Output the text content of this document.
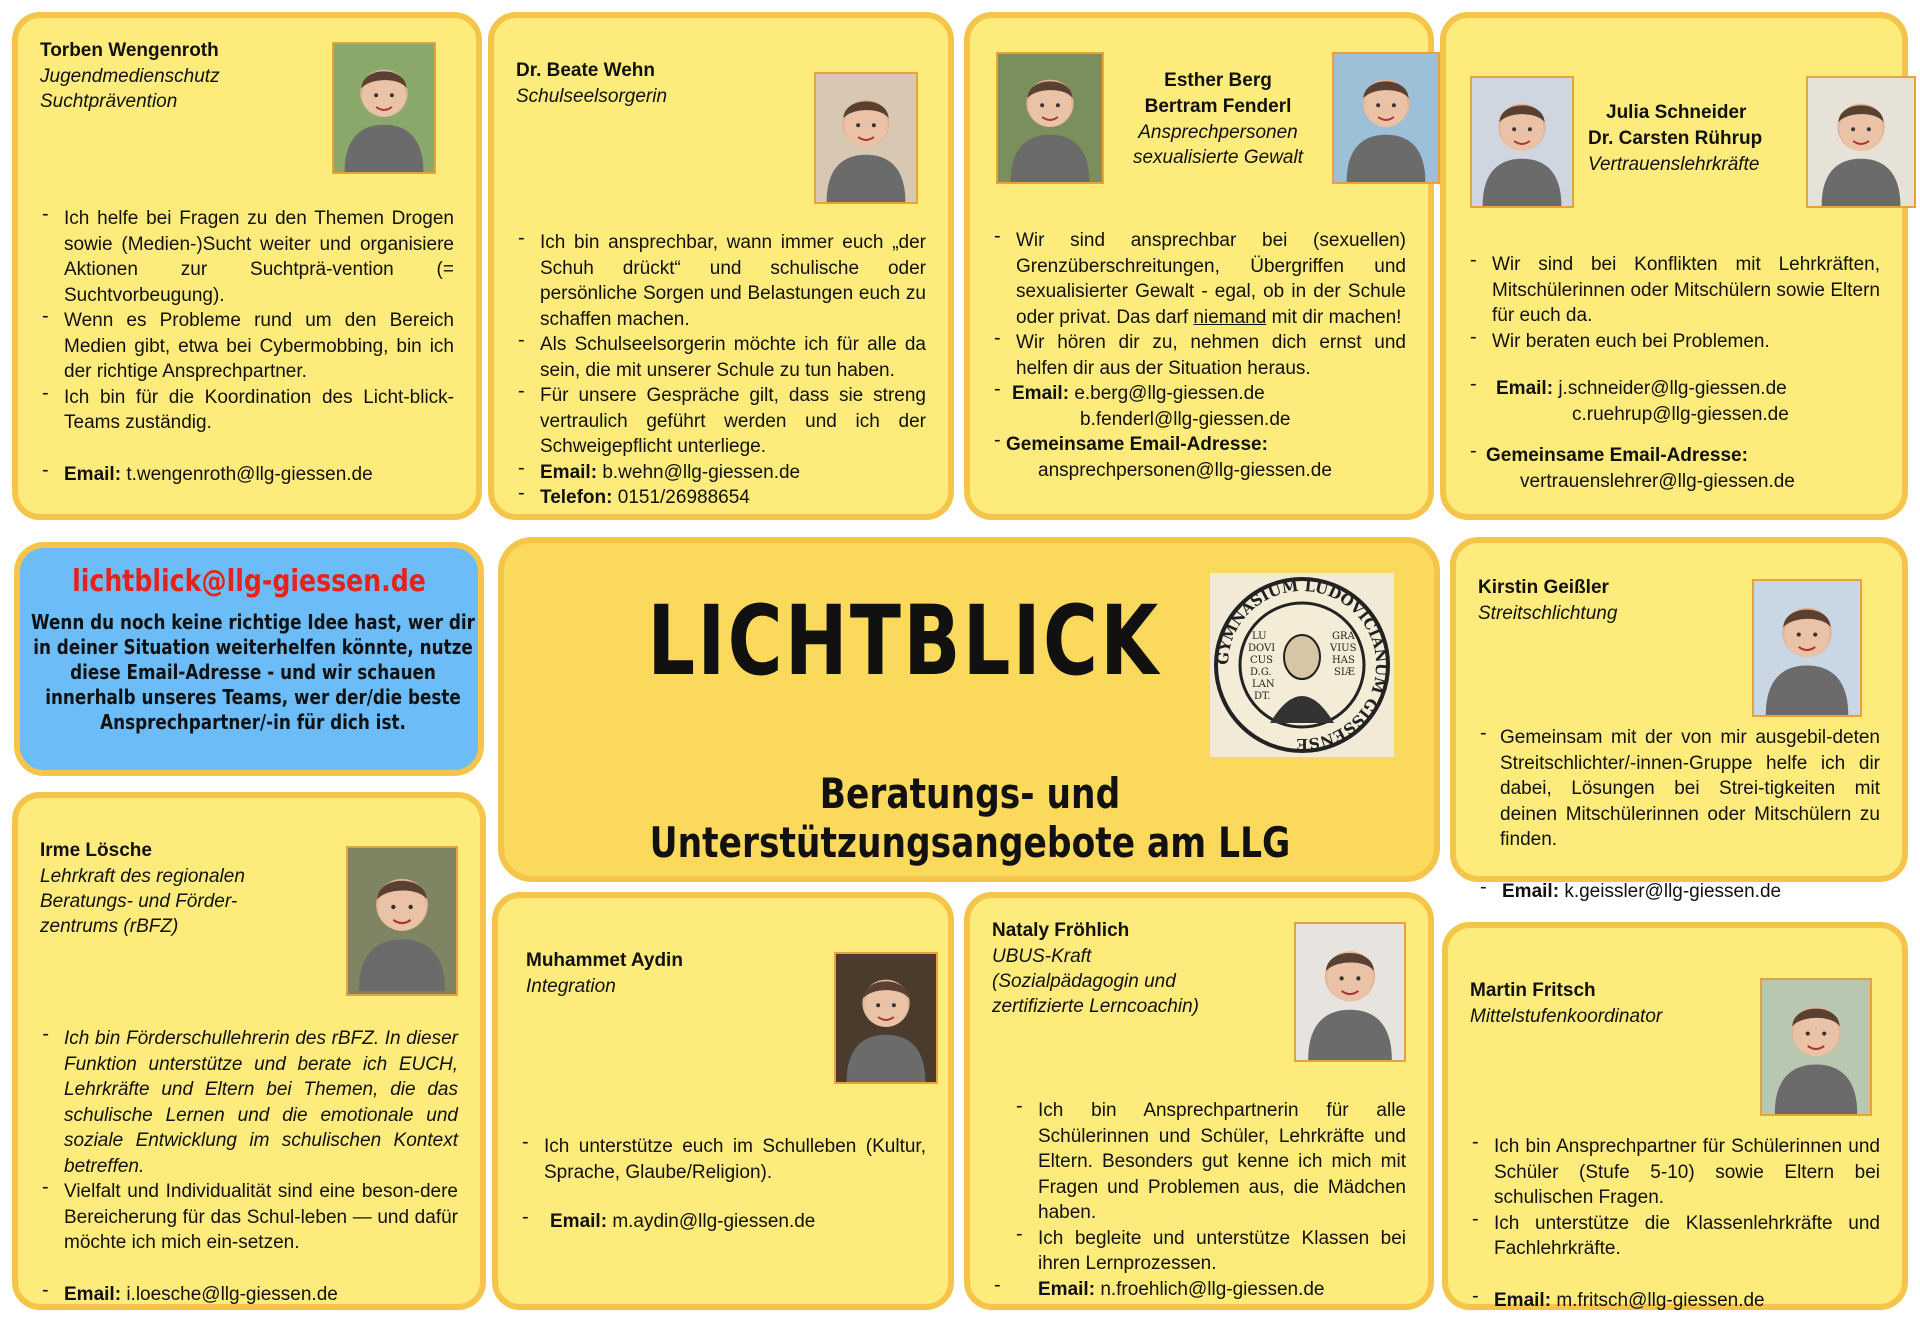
Torben Wengenroth
Jugendmedienschutz
Suchtprävention
- Ich helfe bei Fragen zu den Themen Drogen sowie (Medien-)Sucht weiter und organisiere Aktionen zur Suchtprä-vention (= Suchtvorbeugung).
- Wenn es Probleme rund um den Bereich Medien gibt, etwa bei Cybermobbing, bin ich der richtige Ansprechpartner.
- Ich bin für die Koordination des Licht-blick-Teams zuständig.
- Email: t.wengenroth@llg-giessen.de
Dr. Beate Wehn
Schulseelsorgerin
- Ich bin ansprechbar, wann immer euch „der Schuh drückt“ und schulische oder persönliche Sorgen und Belastungen euch zu schaffen machen.
- Als Schulseelsorgerin möchte ich für alle da sein, die mit unserer Schule zu tun haben.
- Für unsere Gespräche gilt, dass sie streng vertraulich geführt werden und ich der Schweigepflicht unterliege.
- Email: b.wehn@llg-giessen.de
- Telefon: 0151/26988654
Esther Berg
Bertram Fenderl
Ansprechpersonen
sexualisierte Gewalt
- Wir sind ansprechbar bei (sexuellen) Grenzüberschreitungen, Übergriffen und sexualisierter Gewalt - egal, ob in der Schule oder privat. Das darf niemand mit dir machen!
- Wir hören dir zu, nehmen dich ernst und helfen dir aus der Situation heraus.
- Email: e.berg@llg-giessen.de
b.fenderl@llg-giessen.de
- Gemeinsame Email-Adresse:
ansprechpersonen@llg-giessen.de
Julia Schneider
Dr. Carsten Rührup
Vertrauenslehrkräfte
- Wir sind bei Konflikten mit Lehrkräften, Mitschülerinnen oder Mitschülern sowie Eltern für euch da.
- Wir beraten euch bei Problemen.
- Email: j.schneider@llg-giessen.de
c.ruehrup@llg-giessen.de
- Gemeinsame Email-Adresse:
vertrauenslehrer@llg-giessen.de
lichtblick@llg-giessen.de
Wenn du noch keine richtige Idee hast, wer dir in deiner Situation weiterhelfen könnte, nutze diese Email-Adresse - und wir schauen innerhalb unseres Teams, wer der/die beste Ansprechpartner/-in für dich ist.
LICHTBLICK
Beratungs- und Unterstützungsangebote am LLG
GYMNASIUM LUDOVICIANUM GISSENSE
LU
DOVI
CUS
D.G.
LAN
DT.
GRA
VIUS
HAS
SIÆ
Kirstin Geißler
Streitschlichtung
- Gemeinsam mit der von mir ausgebil-deten Streitschlichter/-innen-Gruppe helfe ich dir dabei, Lösungen bei Strei-tigkeiten mit deinen Mitschülerinnen oder Mitschülern zu finden.
- Email: k.geissler@llg-giessen.de
Irme Lösche
Lehrkraft des regionalen
Beratungs- und Förder-
zentrums (rBFZ)
- Ich bin Förderschullehrerin des rBFZ. In dieser Funktion unterstütze und berate ich EUCH, Lehrkräfte und Eltern bei Themen, die das schulische Lernen und die emotionale und soziale Entwicklung im schulischen Kontext betreffen.
- Vielfalt und Individualität sind eine beson-dere Bereicherung für das Schul-leben — und dafür möchte ich mich ein-setzen.
- Email: i.loesche@llg-giessen.de
Muhammet Aydin
Integration
- Ich unterstütze euch im Schulleben (Kultur, Sprache, Glaube/Religion).
- Email: m.aydin@llg-giessen.de
Nataly Fröhlich
UBUS-Kraft
(Sozialpädagogin und
zertifizierte Lerncoachin)
- Ich bin Ansprechpartnerin für alle Schülerinnen und Schüler, Lehrkräfte und Eltern. Besonders gut kenne ich mich mit Fragen und Problemen aus, die Mädchen haben.
- Ich begleite und unterstütze Klassen bei ihren Lernprozessen.
- Email: n.froehlich@llg-giessen.de
Martin Fritsch
Mittelstufenkoordinator
- Ich bin Ansprechpartner für Schülerinnen und Schüler (Stufe 5-10) sowie Eltern bei schulischen Fragen.
- Ich unterstütze die Klassenlehrkräfte und Fachlehrkräfte.
- Email: m.fritsch@llg-giessen.de
